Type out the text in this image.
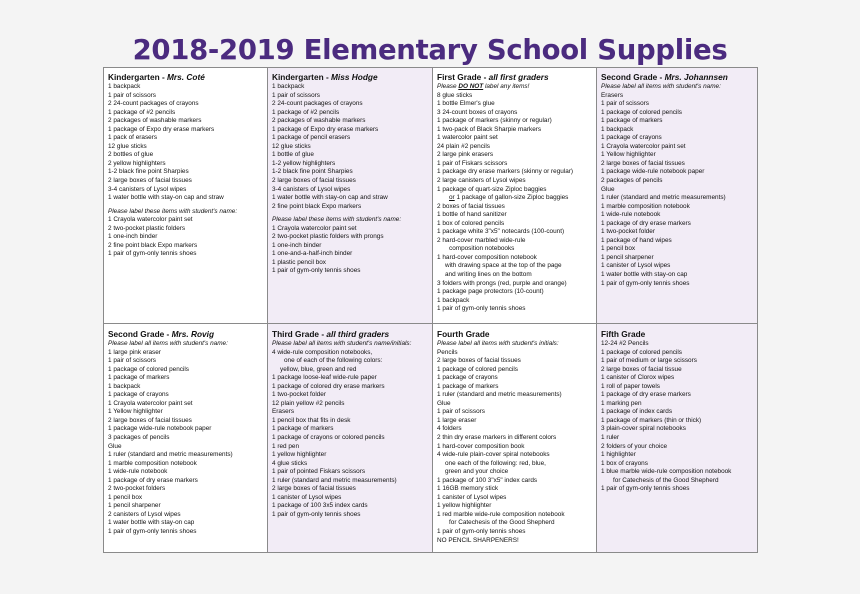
2018-2019 Elementary School Supplies
Kindergarten - Mrs. Coté
1 backpack
1 pair of scissors
2 24-count packages of crayons
1 package of #2 pencils
2 packages of washable markers
1 package of Expo dry erase markers
1 pack of erasers
12 glue sticks
2 bottles of glue
2 yellow highlighters
1-2 black fine point Sharpies
2 large boxes of facial tissues
3-4 canisters of Lysol wipes
1 water bottle with stay-on cap and straw
Please label these items with student's name:
1 Crayola watercolor paint set
2 two-pocket plastic folders
1 one-inch binder
2 fine point black Expo markers
1 pair of gym-only tennis shoes
Kindergarten - Miss Hodge
1 backpack
1 pair of scissors
2 24-count packages of crayons
1 package of #2 pencils
2 packages of washable markers
1 package of Expo dry erase markers
1 package of pencil erasers
12 glue sticks
1 bottle of glue
1-2 yellow highlighters
1-2 black fine point Sharpies
2 large boxes of facial tissues
3-4 canisters of Lysol wipes
1 water bottle with stay-on cap and straw
2 fine point black Expo markers
Please label these items with student's name:
1 Crayola watercolor paint set
2 two-pocket plastic folders with prongs
1 one-inch binder
1 one-and-a-half-inch binder
1 plastic pencil box
1 pair of gym-only tennis shoes
First Grade - all first graders
Please DO NOT label any items!
8 glue sticks
1 bottle Elmer's glue
3 24-count boxes of crayons
1 package of markers (skinny or regular)
1 two-pack of Black Sharpie markers
1 watercolor paint set
24 plain #2 pencils
2 large pink erasers
1 pair of Fiskars scissors
1 package dry erase markers (skinny or regular)
2 large canisters of Lysol wipes
1 package of quart-size Ziploc baggies
or 1 package of gallon-size Ziploc baggies
2 boxes of facial tissues
1 bottle of hand sanitizer
1 box of colored pencils
1 package white 3"x5" notecards (100-count)
2 hard-cover marbled wide-rule
composition notebooks
1 hard-cover composition notebook
with drawing space at the top of the page
and writing lines on the bottom
3 folders with prongs (red, purple and orange)
1 package page protectors (10-count)
1 backpack
1 pair of gym-only tennis shoes
Second Grade - Mrs. Johannsen
Please label all items with student's name:
Erasers
1 pair of scissors
1 package of colored pencils
1 package of markers
1 backpack
1 package of crayons
1 Crayola watercolor paint set
1 Yellow highlighter
2 large boxes of facial tissues
1 package wide-rule notebook paper
2 packages of pencils
Glue
1 ruler (standard and metric measurements)
1 marble composition notebook
1 wide-rule notebook
1 package of dry erase markers
1 two-pocket folder
1 package of hand wipes
1 pencil box
1 pencil sharpener
1 canister of Lysol wipes
1 water bottle with stay-on cap
1 pair of gym-only tennis shoes
Second Grade - Mrs. Rovig
Please label all items with student's name:
1 large pink eraser
1 pair of scissors
1 package of colored pencils
1 package of markers
1 backpack
1 package of crayons
1 Crayola watercolor paint set
1 Yellow highlighter
2 large boxes of facial tissues
1 package wide-rule notebook paper
3 packages of pencils
Glue
1 ruler (standard and metric measurements)
1 marble composition notebook
1 wide-rule notebook
1 package of dry erase markers
2 two-pocket folders
1 pencil box
1 pencil sharpener
2 canisters of Lysol wipes
1 water bottle with stay-on cap
1 pair of gym-only tennis shoes
Third Grade - all third graders
Please label all items with student's name/initials:
4 wide-rule composition notebooks,
one of each of the following colors:
yellow, blue, green and red
1 package loose-leaf wide-rule paper
1 package of colored dry erase markers
1 two-pocket folder
12 plain yellow #2 pencils
Erasers
1 pencil box that fits in desk
1 package of markers
1 package of crayons or colored pencils
1 red pen
1 yellow highlighter
4 glue sticks
1 pair of pointed Fiskars scissors
1 ruler (standard and metric measurements)
2 large boxes of facial tissues
1 canister of Lysol wipes
1 package of 100 3x5 index cards
1 pair of gym-only tennis shoes
Fourth Grade
Please label all items with student's initials:
Pencils
2 large boxes of facial tissues
1 package of colored pencils
1 package of crayons
1 package of markers
1 ruler (standard and metric measurements)
Glue
1 pair of scissors
1 large eraser
4 folders
2 thin dry erase markers in different colors
1 hard-cover composition book
4 wide-rule plain-cover spiral notebooks
one each of the following: red, blue,
green and your choice
1 package of 100 3"x5" index cards
1 16GB memory stick
1 canister of Lysol wipes
1 yellow highlighter
1 red marble wide-rule composition notebook
for Catechesis of the Good Shepherd
1 pair of gym-only tennis shoes
NO PENCIL SHARPENERS!
Fifth Grade
12-24 #2 Pencils
1 package of colored pencils
1 pair of medium or large scissors
2 large boxes of facial tissue
1 canister of Clorox wipes
1 roll of paper towels
1 package of dry erase markers
1 marking pen
1 package of index cards
1 package of markers (thin or thick)
3 plain-cover spiral notebooks
1 ruler
2 folders of your choice
1 highlighter
1 box of crayons
1 blue marble wide-rule composition notebook
for Catechesis of the Good Shepherd
1 pair of gym-only tennis shoes
